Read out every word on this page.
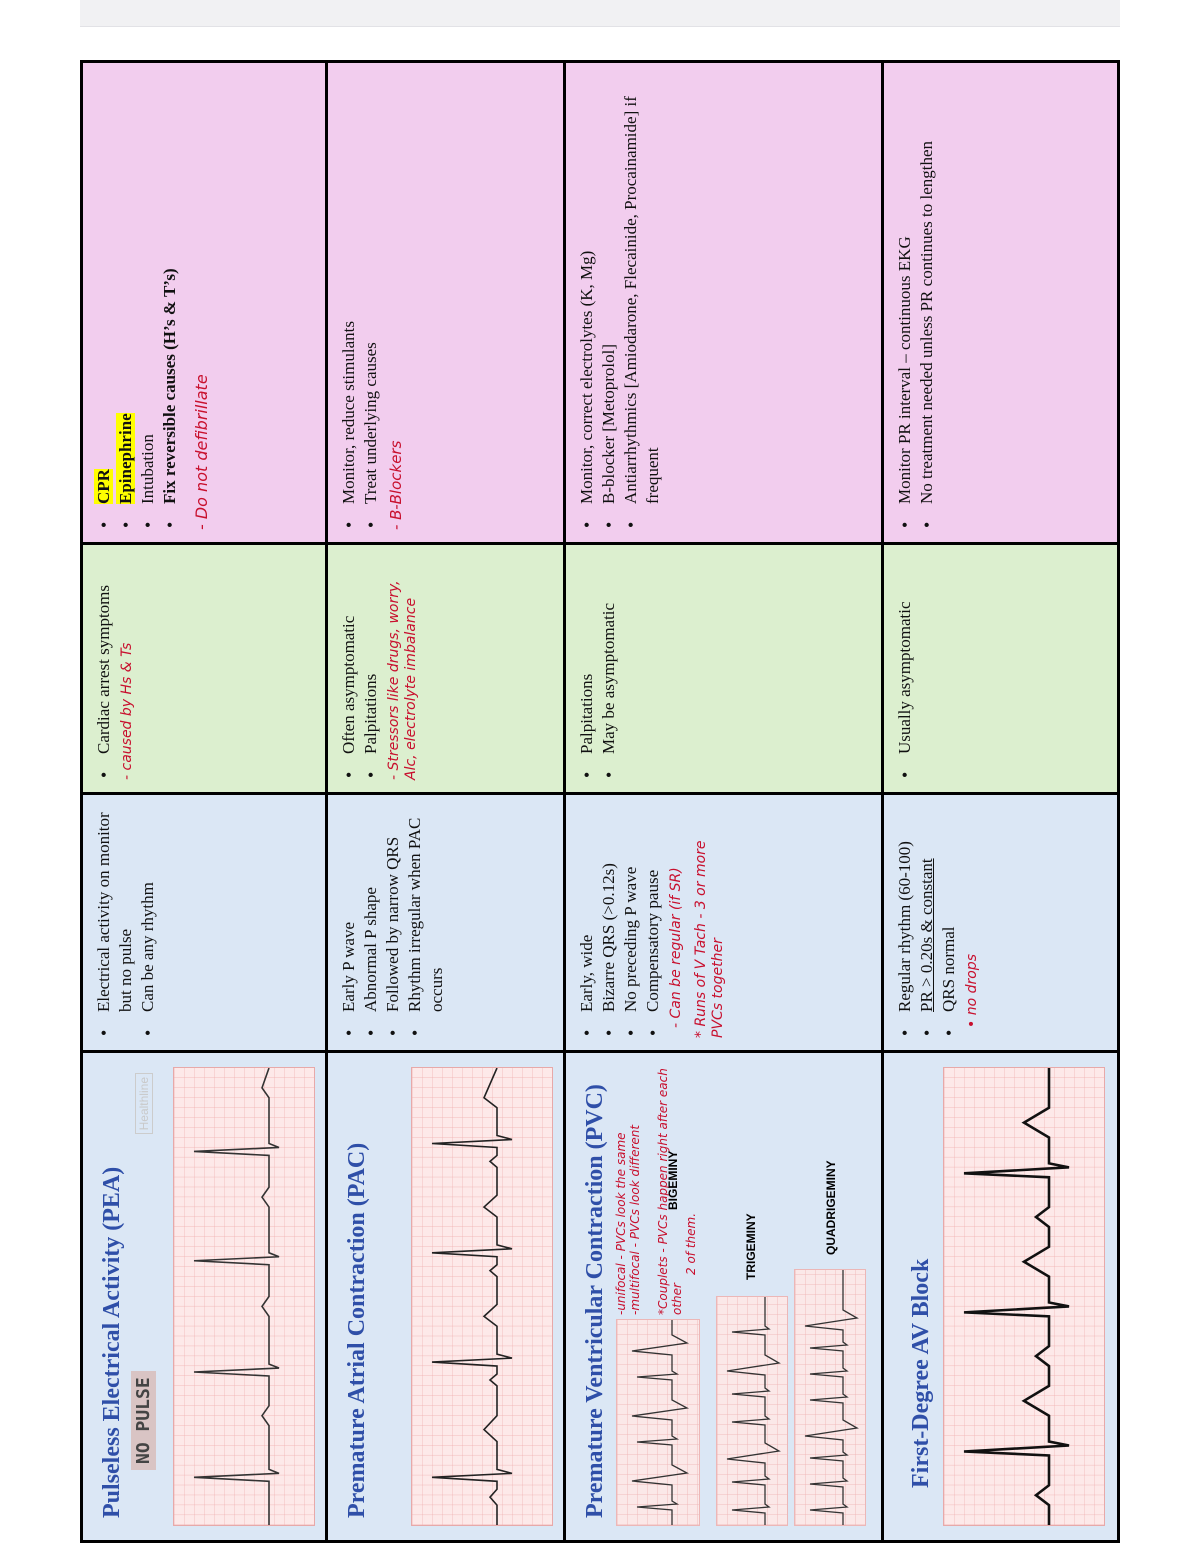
Pulseless Electrical Activity (PEA) NO PULSE
Healthline
• Electrical activity on monitor but no pulse • Can be any rhythm
• Cardiac arrest symptoms - caused by Hs & Ts
• CPR • Epinephrine • Intubation • Fix reversible causes (H’s & T’s) - Do not defibrillate
Premature Atrial Contraction (PAC)
• Early P wave • Abnormal P shape • Followed by narrow QRS • Rhythm irregular when PAC occurs
• Often asymptomatic • Palpitations - Stressors like drugs, worry, Alc, electrolyte imbalance
• Monitor, reduce stimulants • Treat underlying causes - B-Blockers
Premature Ventricular Contraction (PVC) -unifocal - PVCs look the same -multifocal - PVCs look different *Couplets - PVCs happen right after each other
2 of them.
BIGEMINY
TRIGEMINY	QUADRIGEMINY
• Early, wide • Bizarre QRS (>0.12s) • No preceding P wave • Compensatory pause - Can be regular (if SR) * Runs of V Tach - 3 or more PVCs together
• Palpitations • May be asymptomatic
• Monitor, correct electrolytes (K, Mg) • B-blocker [Metoprolol] • Antiarrhythmics [Amiodarone, Flecainide, Procainamide] if frequent
First-Degree AV Block
• Regular rhythm (60-100) • PR > 0.20s & constant • QRS normal • no drops
• Usually asymptomatic
• Monitor PR interval – continuous EKG • No treatment needed unless PR continues to lengthen
